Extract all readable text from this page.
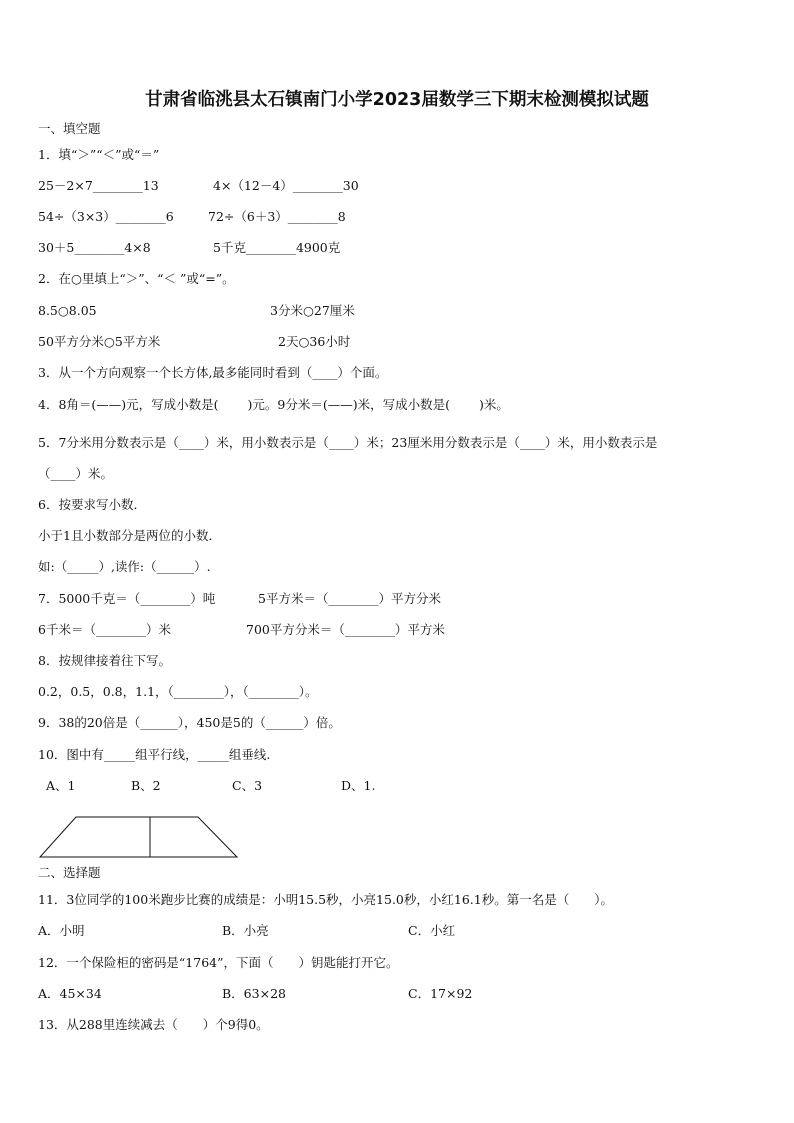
甘肃省临洮县太石镇南门小学2023届数学三下期末检测模拟试题
一、填空题
1．填“＞”“＜”或“＝”
25－2×7________13	4×（12－4）________30
54÷（3×3）________6	72÷（6＋3）________8
30＋5________4×8	5千克________4900克
2．在○里填上“＞”、“＜ ”或“=”。
8.5○8.05	3分米○27厘米
50平方分米○5平方米	2天○36小时
3．从一个方向观察一个长方体,最多能同时看到（____）个面。
4．8角＝(——)元，写成小数是(　　 )元。9分米＝(——)米，写成小数是(　　 )米。
5．7分米用分数表示是（____）米，用小数表示是（____）米；23厘米用分数表示是（____）米，用小数表示是
（____）米。
6．按要求写小数．
小于1且小数部分是两位的小数．
如:（_____）,读作:（______）.
7．5000千克＝（________）吨	5平方米＝（________）平方分米
6千米＝（________）米	700平方分米＝（________）平方米
8．按规律接着往下写。
0.2，0.5，0.8，1.1，（________），（________）。
9．38的20倍是（______），450是5的（______）倍。
10．图中有_____组平行线，_____组垂线.
A、1	B、2	C、3	D、1.
二、选择题
11．3位同学的100米跑步比赛的成绩是：小明15.5秒，小亮15.0秒，小红16.1秒。第一名是（　　）。
A．小明	B．小亮	C．小红
12．一个保险柜的密码是“1764”，下面（　　）钥匙能打开它。
A．45×34	B．63×28	C．17×92
13．从288里连续减去（　　）个9得0。
